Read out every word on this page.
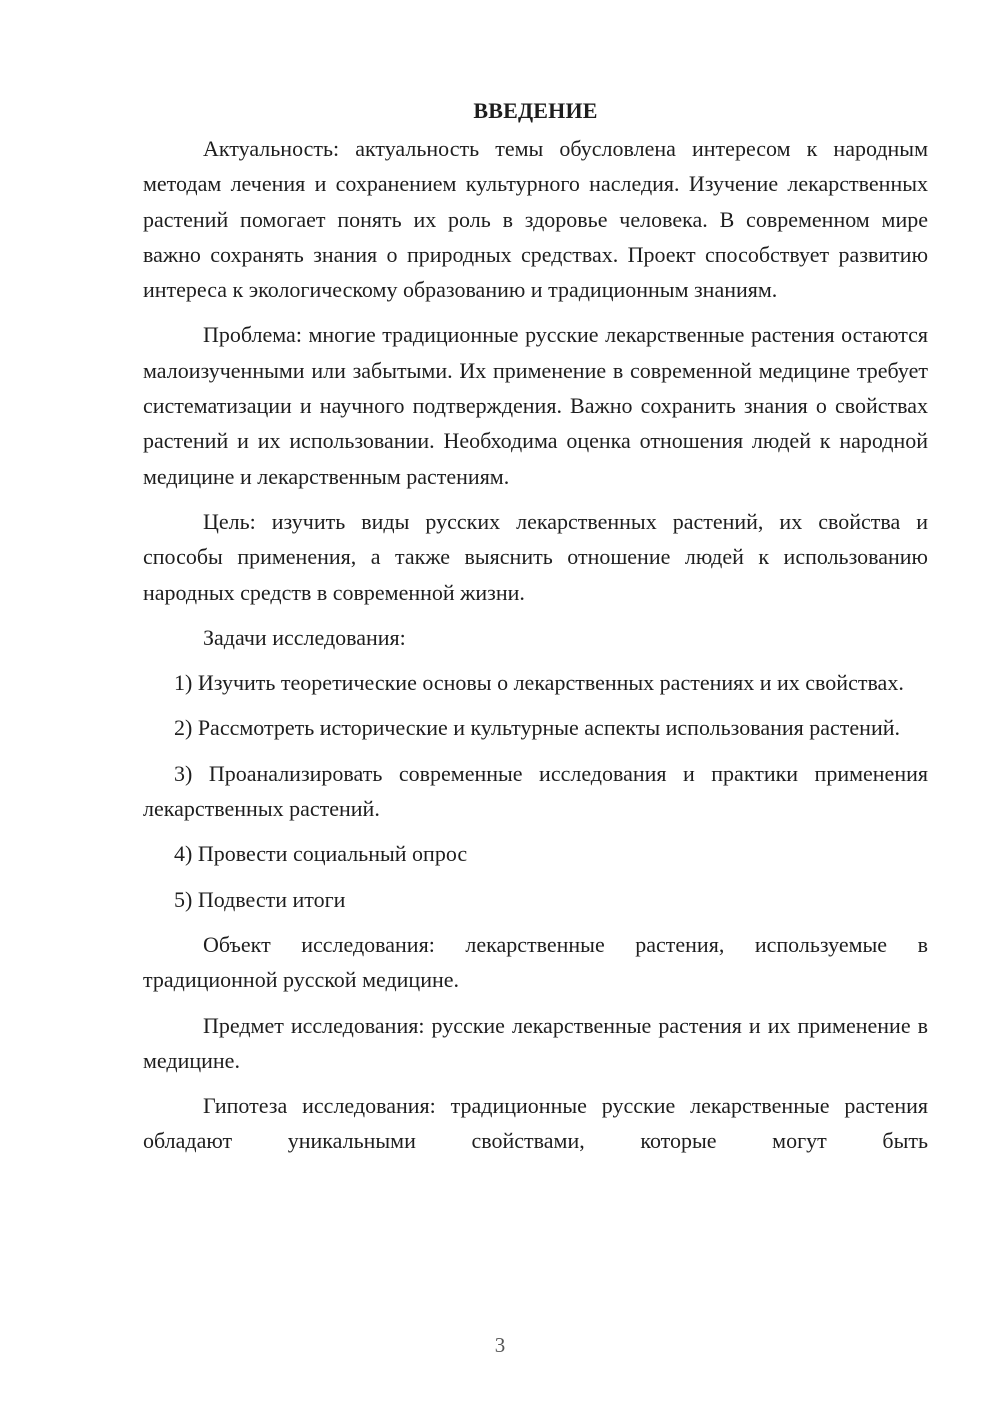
ВВЕДЕНИЕ

Актуальность: актуальность темы обусловлена интересом к народным методам лечения и сохранением культурного наследия. Изучение лекарственных растений помогает понять их роль в здоровье человека. В современном мире важно сохранять знания о природных средствах. Проект способствует развитию интереса к экологическому образованию и традиционным знаниям.

Проблема: многие традиционные русские лекарственные растения остаются малоизученными или забытыми. Их применение в современной медицине требует систематизации и научного подтверждения. Важно сохранить знания о свойствах растений и их использовании. Необходима оценка отношения людей к народной медицине и лекарственным растениям.

Цель: изучить виды русских лекарственных растений, их свойства и способы применения, а также выяснить отношение людей к использованию народных средств в современной жизни.

Задачи исследования:

1) Изучить теоретические основы о лекарственных растениях и их свойствах.

2) Рассмотреть исторические и культурные аспекты использования растений.

3) Проанализировать современные исследования и практики применения лекарственных растений.

4) Провести социальный опрос

5) Подвести итоги

Объект исследования: лекарственные растения, используемые в традиционной русской медицине.

Предмет исследования: русские лекарственные растения и их применение в медицине.

Гипотеза исследования: традиционные русские лекарственные растения обладают уникальными свойствами, которые могут быть

3
